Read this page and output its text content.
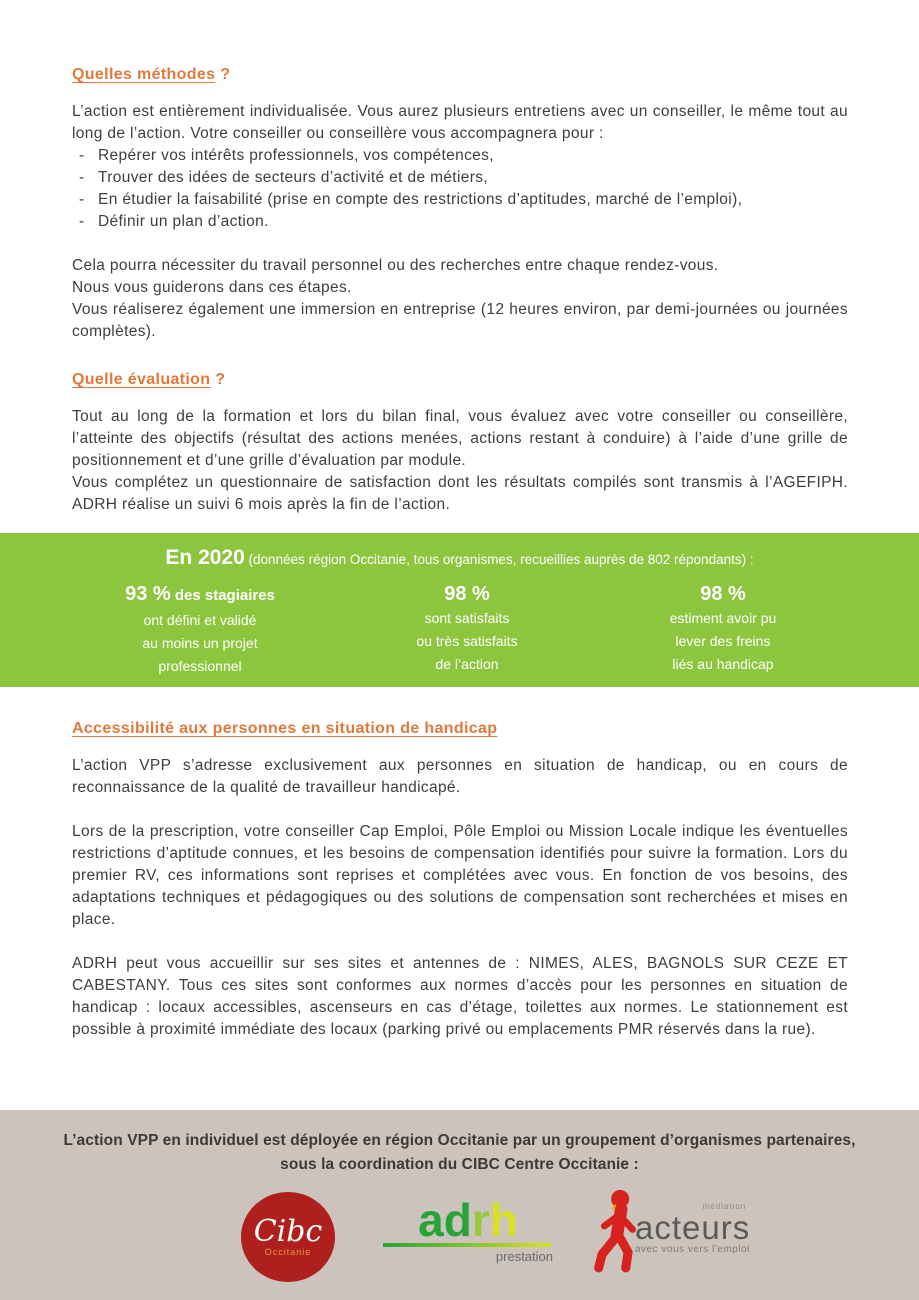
Quelles méthodes ?

L’action est entièrement individualisée. Vous aurez plusieurs entretiens avec un conseiller, le même tout au long de l’action. Votre conseiller ou conseillère vous accompagnera pour :

- Repérer vos intérêts professionnels, vos compétences,
- Trouver des idées de secteurs d’activité et de métiers,
- En étudier la faisabilité (prise en compte des restrictions d’aptitudes, marché de l’emploi),
- Définir un plan d’action.

Cela pourra nécessiter du travail personnel ou des recherches entre chaque rendez-vous.

Nous vous guiderons dans ces étapes.

Vous réaliserez également une immersion en entreprise (12 heures environ, par demi-journées ou journées complètes).

Quelle évaluation ?

Tout au long de la formation et lors du bilan final, vous évaluez avec votre conseiller ou conseillère, l’atteinte des objectifs (résultat des actions menées, actions restant à conduire) à l’aide d’une grille de positionnement et d’une grille d’évaluation par module.

Vous complétez un questionnaire de satisfaction dont les résultats compilés sont transmis à l’AGEFIPH. ADRH réalise un suivi 6 mois après la fin de l’action.

En 2020 (données région Occitanie, tous organismes, recueillies auprès de 802 répondants) :
93 % des stagiaires
ont défini et validé
au moins un projet
professionnel
98 %
sont satisfaits
ou très satisfaits
de l’action
98 %
estiment avoir pu
lever des freins
liés au handicap
Accessibilité aux personnes en situation de handicap

L’action VPP s’adresse exclusivement aux personnes en situation de handicap, ou en cours de reconnaissance de la qualité de travailleur handicapé.

Lors de la prescription, votre conseiller Cap Emploi, Pôle Emploi ou Mission Locale indique les éventuelles restrictions d’aptitude connues, et les besoins de compensation identifiés pour suivre la formation. Lors du premier RV, ces informations sont reprises et complétées avec vous. En fonction de vos besoins, des adaptations techniques et pédagogiques ou des solutions de compensation sont recherchées et mises en place.

ADRH peut vous accueillir sur ses sites et antennes de : NIMES, ALES, BAGNOLS SUR CEZE ET CABESTANY. Tous ces sites sont conformes aux normes d’accès pour les personnes en situation de handicap : locaux accessibles, ascenseurs en cas d’étage, toilettes aux normes. Le stationnement est possible à proximité immédiate des locaux (parking privé ou emplacements PMR réservés dans la rue).

L’action VPP en individuel est déployée en région Occitanie par un groupement d’organismes partenaires,
sous la coordination du CIBC Centre Occitanie :
Cibc
Occitanie
adrh
prestation
médiation
acteurs
avec vous vers l’emploi
